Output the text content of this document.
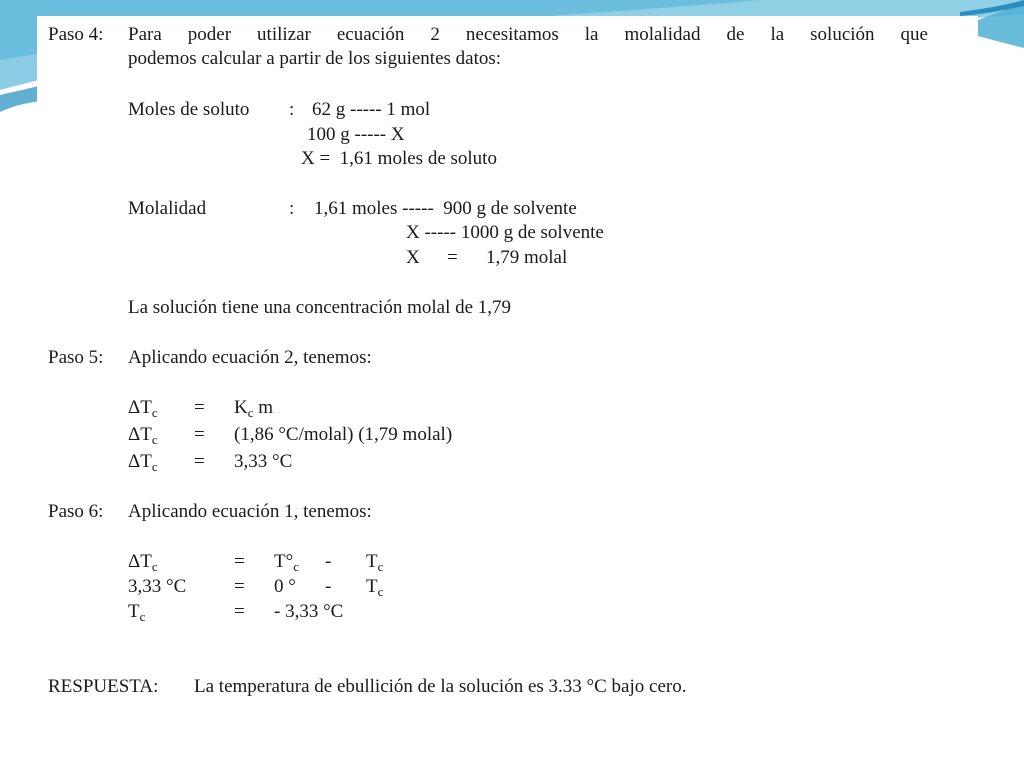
Paso 4: Para poder utilizar ecuación 2 necesitamos la molalidad de la solución que
podemos calcular a partir de los siguientes datos:
Moles de soluto : 62 g ----- 1 mol
100 g ----- X
X =  1,61 moles de soluto
Molalidad	: 1,61 moles -----  900 g de solvente
X ----- 1000 g de solvente
X = 1,79 molal
La solución tiene una concentración molal de 1,79
Paso 5: Aplicando ecuación 2, tenemos:
$\Delta T_c = K_c$ m
$\Delta T_c = (1,86$ °C/molal) (1,79 molal)
$\Delta T_c = 3,33$ °C
Paso 6: Aplicando ecuación 1, tenemos:
$\Delta T_c$	= $T^\circ_c - T_c$
3,33 °C	= 0 ° - $T_c$
$T_c$	= - 3,33 °C
RESPUESTA: La temperatura de ebullición de la solución es 3.33 °C bajo cero.
